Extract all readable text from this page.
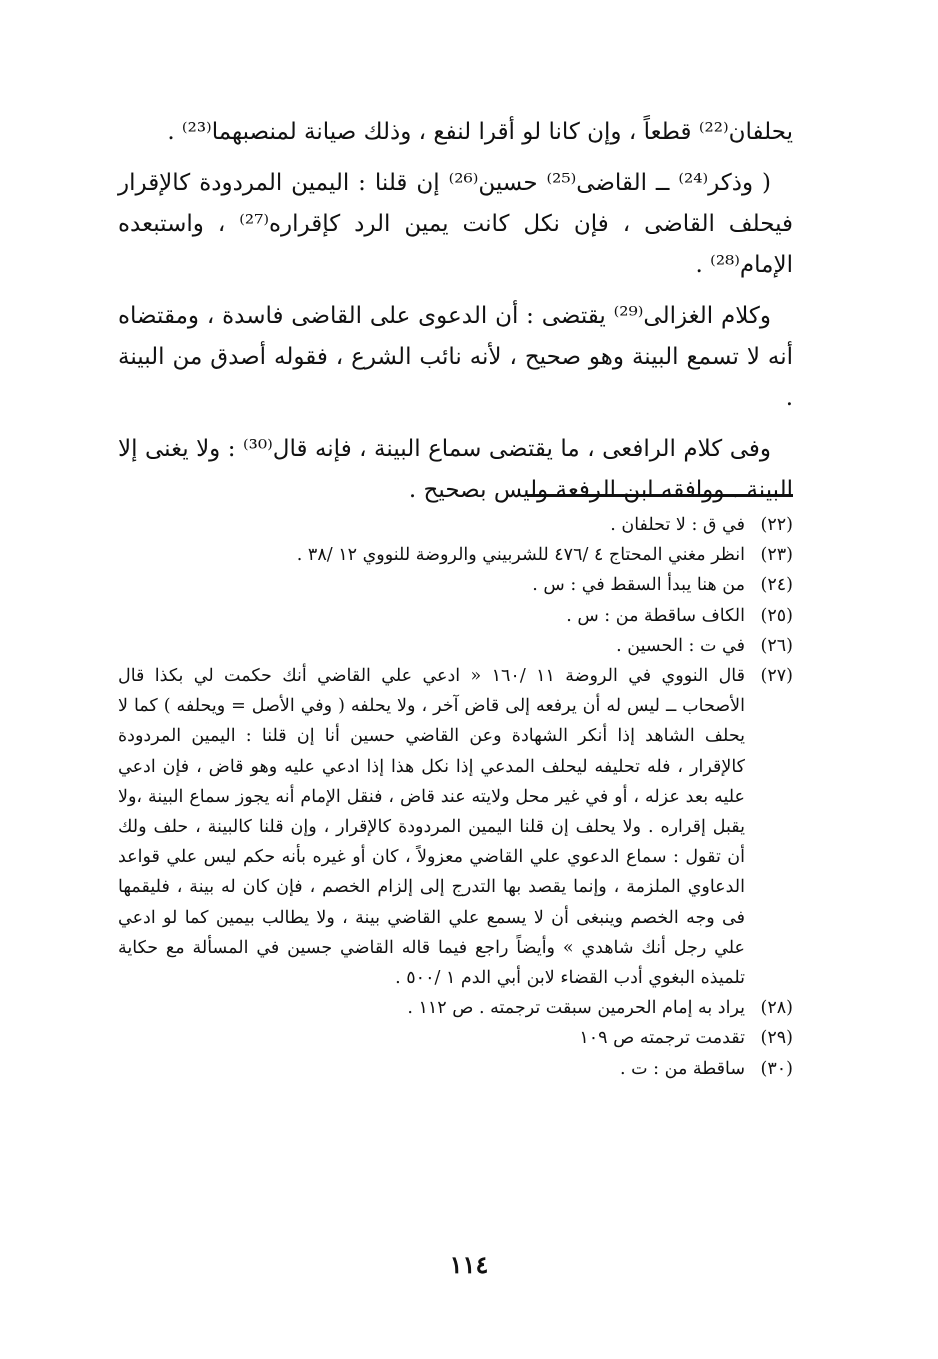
يحلفان⁽²²⁾ قطعاً ، وإن كانا لو أقرا لنفع ، وذلك صيانة لمنصبهما⁽²³⁾ .

( وذكر⁽²⁴⁾ ــ القاضى⁽²⁵⁾ حسين⁽²⁶⁾ إن قلنا : اليمين المردودة كالإقرار فيحلف القاضى ، فإن نكل كانت يمين الرد كإقراره⁽²⁷⁾ ، واستبعده الإمام⁽²⁸⁾ .

وكلام الغزالى⁽²⁹⁾ يقتضى : أن الدعوى على القاضى فاسدة ، ومقتضاه أنه لا تسمع البينة وهو صحيح ، لأنه نائب الشرع ، فقوله أصدق من البينة .

وفى كلام الرافعى ، ما يقتضى سماع البينة ، فإنه قال⁽³⁰⁾ : ولا يغنى إلا البينة . ووافقه ابن الرفعة وليس بصحيح .

(٢٢)
في ق : لا تحلفان .
(٢٣)
انظر مغني المحتاج ٤ /٤٧٦ للشربيني والروضة للنووي ١٢ /٣٨ .
(٢٤)
من هنا يبدأ السقط في : س .
(٢٥)
الكاف ساقطة من : س .
(٢٦)
في ت : الحسين .
(٢٧)
قال النووي في الروضة ١١ /١٦٠ « ادعي علي القاضي أنك حكمت لي بكذا قال الأصحاب ــ ليس له أن يرفعه إلى قاض آخر ، ولا يحلفه ( وفي الأصل = ويحلفه ) كما لا يحلف الشاهد إذا أنكر الشهادة وعن القاضي حسين أنا إن قلنا : اليمين المردودة كالإقرار ، فله تحليفه ليحلف المدعي إذا نكل هذا إذا ادعي عليه وهو قاض ، فإن ادعي عليه بعد عزله ، أو في غير محل ولايته عند قاض ، فنقل الإمام أنه يجوز سماع البينة ،ولا يقبل إقراره . ولا يحلف إن قلنا اليمين المردودة كالإقرار ، وإن قلنا كالبينة ، حلف ولك أن تقول : سماع الدعوي علي القاضي معزولاً ، كان أو غيره بأنه حكم ليس علي قواعد الدعاوي الملزمة ، وإنما يقصد بها التدرج إلى إلزام الخصم ، فإن كان له بينة ، فليقمها فى وجه الخصم وينبغى أن لا يسمع علي القاضي بينة ، ولا يطالب بيمين كما لو ادعي علي رجل أنك شاهدي » وأيضاً راجع فيما قاله القاضي جسين في المسألة مع حكاية تلميذه البغوي أدب القضاء لابن أبي الدم ١ /٥٠٠ .
(٢٨)
يراد به إمام الحرمين سبقت ترجمته . ص ١١٢ .
(٢٩)
تقدمت ترجمته ص ١٠٩
(٣٠)
ساقطة من : ت .
١١٤
